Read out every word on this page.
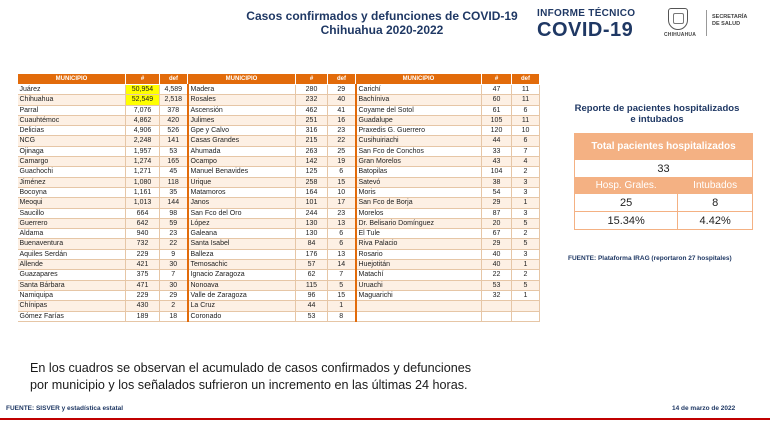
Casos confirmados y defunciones de COVID-19
Chihuahua 2020-2022
INFORME TÉCNICO
COVID-19	CHIHUAHUA
SECRETARÍA
DE SALUD
MUNICIPIO	#	def	MUNICIPIO	#	def	MUNICIPIO	#	def
Juárez	50,954	4,589	Madera	280	29	Carichí	47	11
Chihuahua	52,549	2,518	Rosales	232	40	Bachíniva	60	11
Parral	7,076	378	Ascensión	462	41	Coyame del Sotol	61	6
Cuauhtémoc	4,862	420	Julimes	251	16	Guadalupe	105	11
Delicias	4,906	526	Gpe y Calvo	316	23	Praxedis G. Guerrero	120	10
NCG	2,248	141	Casas Grandes	215	22	Cusihuiriachi	44	6
Ojinaga	1,957	53	Ahumada	263	25	San Fco de Conchos	33	7
Camargo	1,274	165	Ocampo	142	19	Gran Morelos	43	4
Guachochi	1,271	45	Manuel Benavides	125	6	Batopilas	104	2
Jiménez	1,080	118	Urique	258	15	Satevó	38	3
Bocoyna	1,161	35	Matamoros	164	10	Moris	54	3
Meoqui	1,013	144	Janos	101	17	San Fco de Borja	29	1
Saucillo	664	98	San Fco del Oro	244	23	Morelos	87	3
Guerrero	642	59	López	130	13	Dr. Belisario Domínguez	20	5
Aldama	940	23	Galeana	130	6	El Tule	67	2
Buenaventura	732	22	Santa Isabel	84	6	Riva Palacio	29	5
Aquiles Serdán	229	9	Balleza	176	13	Rosario	40	3
Allende	421	30	Temosachic	57	14	Huejotitán	40	1
Guazapares	375	7	Ignacio Zaragoza	62	7	Matachí	22	2
Santa Bárbara	471	30	Nonoava	115	5	Uruachi	53	5
Namiquipa	229	29	Valle de Zaragoza	96	15	Maguarichi	32	1
Chínipas	430	2	La Cruz	44	1			
Gómez Farías	189	18	Coronado	53	8			
Reporte de pacientes hospitalizados
e intubados
Total pacientes hospitalizados	
33	
Hosp. Grales.	Intubados
25	8
15.34%	4.42%
FUENTE: Plataforma IRAG (reportaron 27 hospitales)
En los cuadros se observan el acumulado de casos confirmados y defunciones
por municipio y los señalados sufrieron un incremento en las últimas 24 horas.
FUENTE: SISVER y estadística estatal	14 de marzo de 2022
